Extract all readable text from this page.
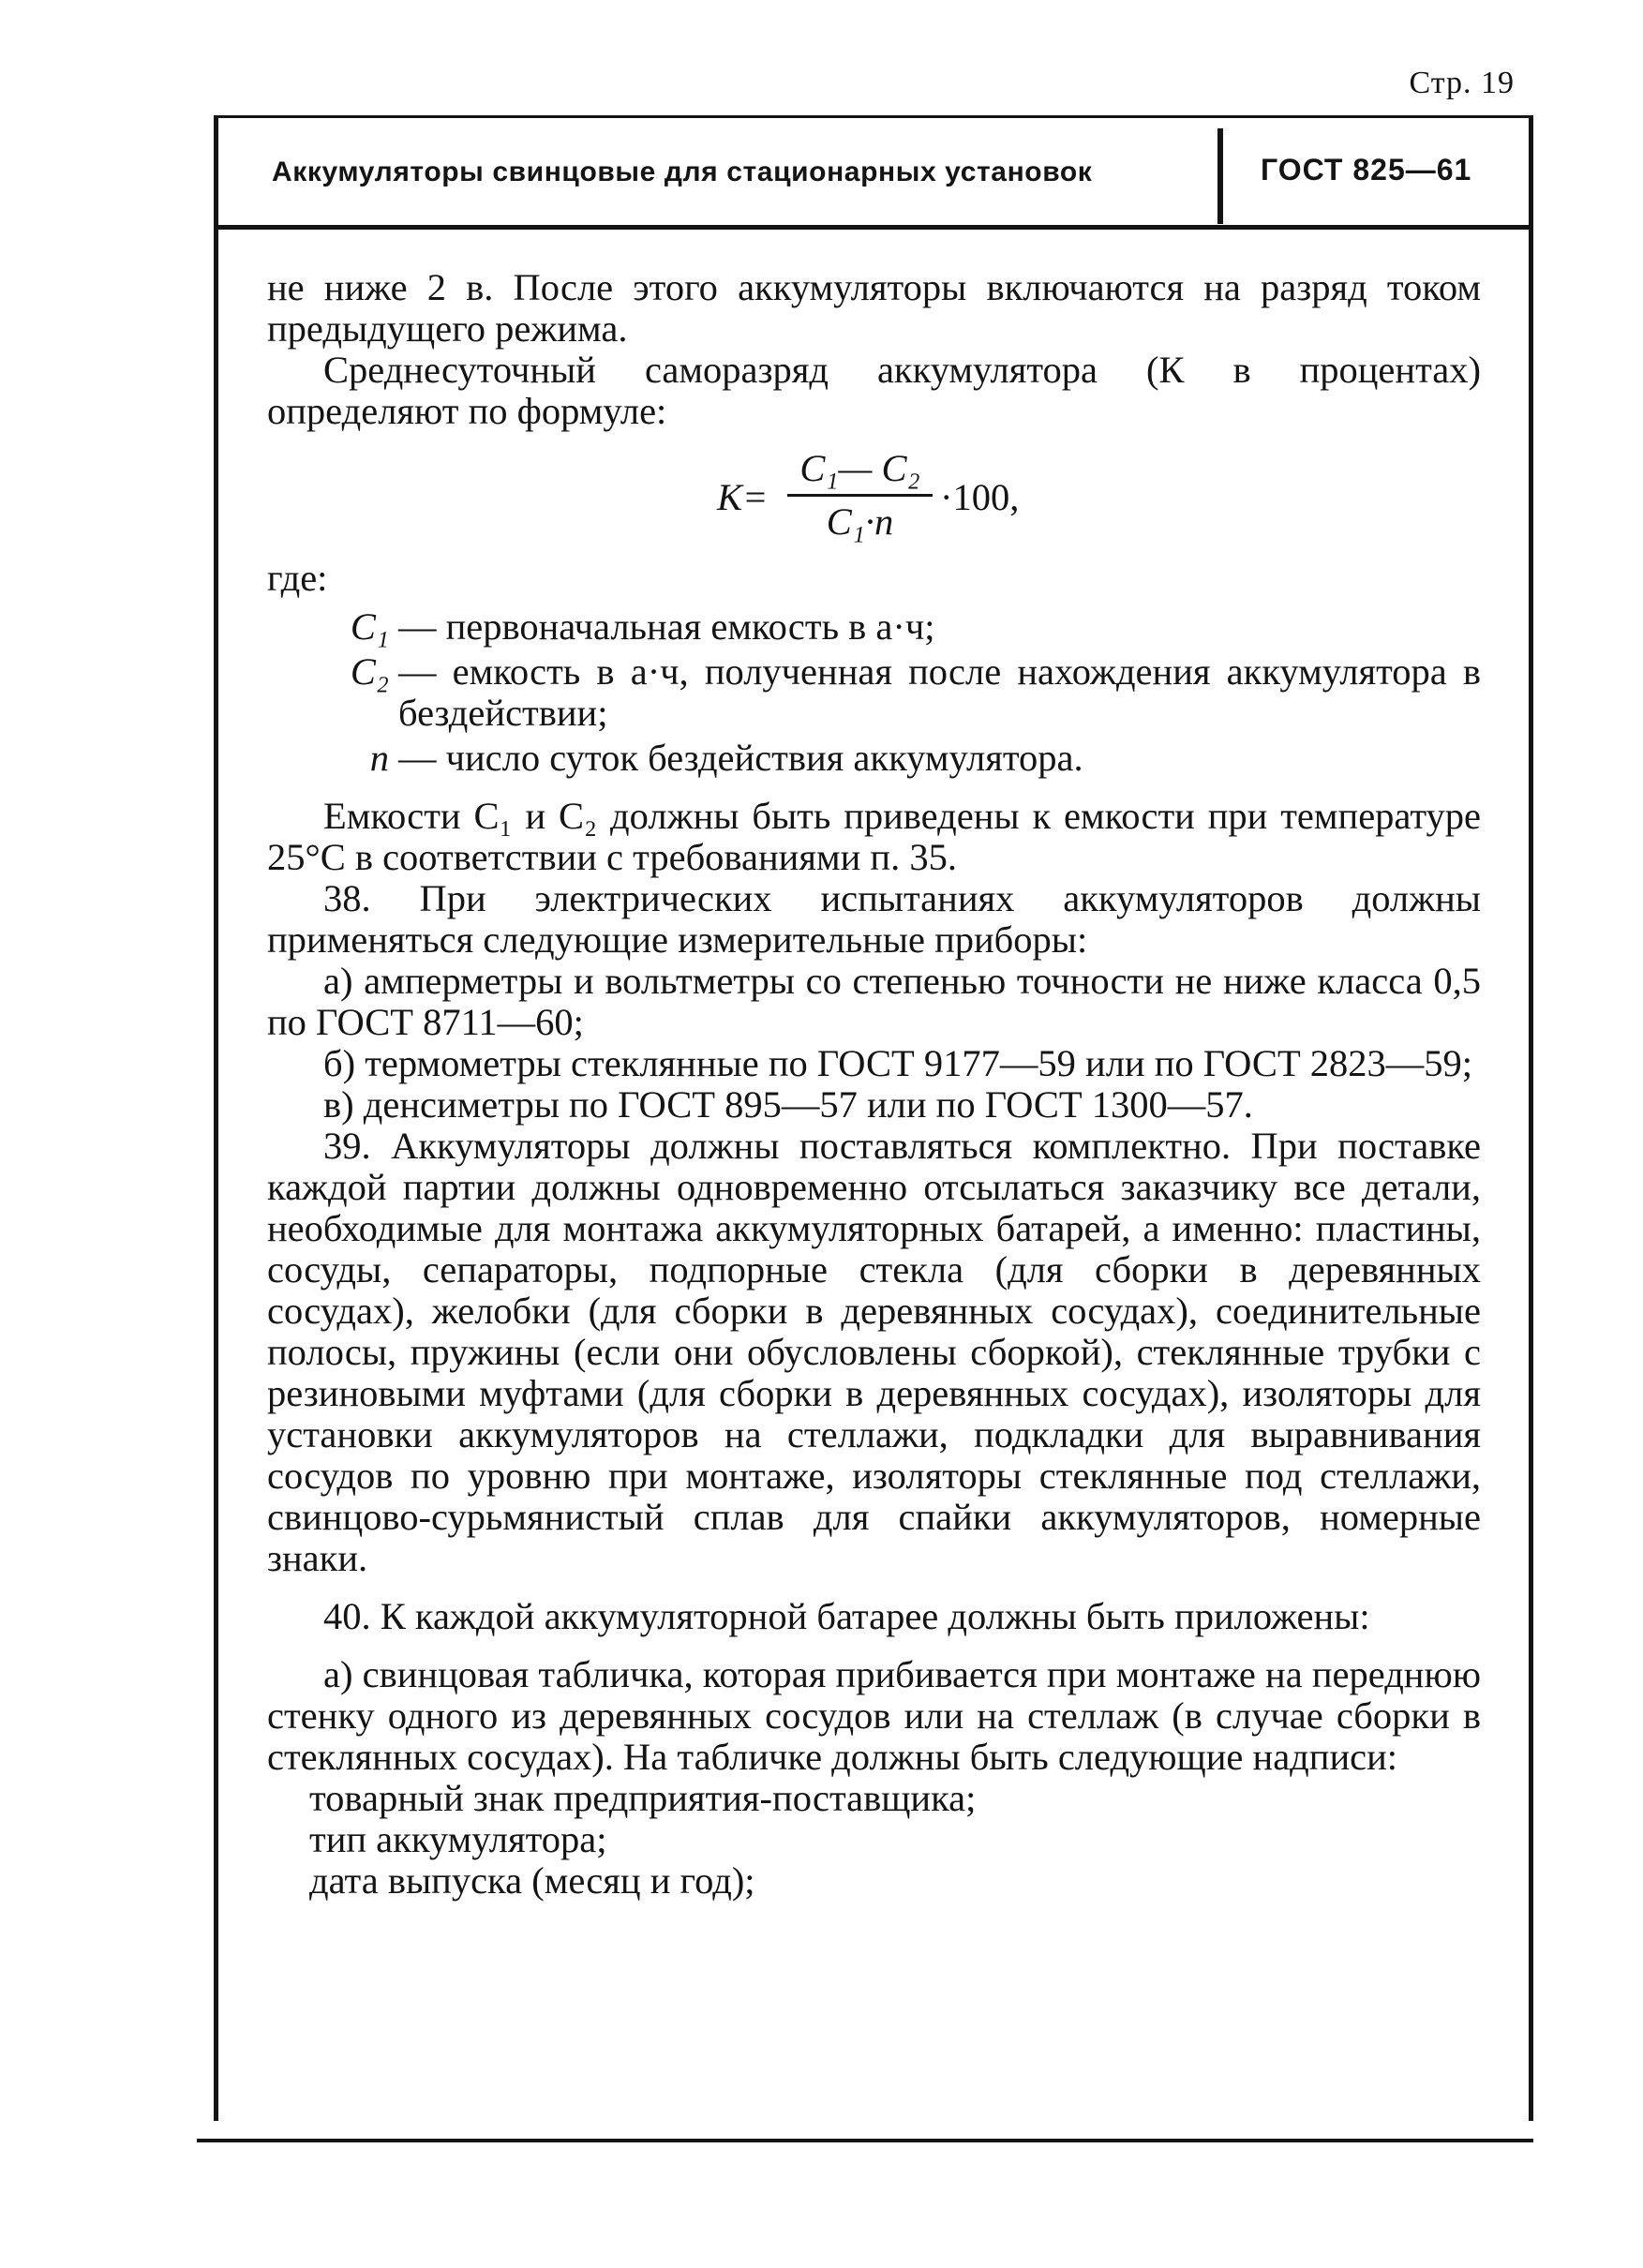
Стр. 19
Аккумуляторы свинцовые для стационарных установок	ГОСТ 825—61

не ниже 2 в. После этого аккумуляторы включаются на разряд током предыдущего режима.

Среднесуточный саморазряд аккумулятора (К в процентах) определяют по формуле:

K=
C₁— C₂
C₁·n
·100,

где:

C₁ — первоначальная емкость в а·ч;
C₂ — емкость в а·ч, полученная после нахождения аккумулятора в бездействии;
n — число суток бездействия аккумулятора.

Емкости C₁ и C₂ должны быть приведены к емкости при температуре 25°С в соответствии с требованиями п. 35.

38. При электрических испытаниях аккумуляторов должны применяться следующие измерительные приборы:

а) амперметры и вольтметры со степенью точности не ниже класса 0,5 по ГОСТ 8711—60;

б) термометры стеклянные по ГОСТ 9177—59 или по ГОСТ 2823—59;

в) денсиметры по ГОСТ 895—57 или по ГОСТ 1300—57.

39. Аккумуляторы должны поставляться комплектно. При поставке каждой партии должны одновременно отсылаться заказчику все детали, необходимые для монтажа аккумуляторных батарей, а именно: пластины, сосуды, сепараторы, подпорные стекла (для сборки в деревянных сосудах), желобки (для сборки в деревянных сосудах), соединительные полосы, пружины (если они обусловлены сборкой), стеклянные трубки с резиновыми муфтами (для сборки в деревянных сосудах), изоляторы для установки аккумуляторов на стеллажи, подкладки для выравнивания сосудов по уровню при монтаже, изоляторы стеклянные под стеллажи, свинцово-сурьмянистый сплав для спайки аккумуляторов, номерные знаки.

40. К каждой аккумуляторной батарее должны быть приложены:

а) свинцовая табличка, которая прибивается при монтаже на переднюю стенку одного из деревянных сосудов или на стеллаж (в случае сборки в стеклянных сосудах). На табличке должны быть следующие надписи:

товарный знак предприятия-поставщика;

тип аккумулятора;

дата выпуска (месяц и год);
